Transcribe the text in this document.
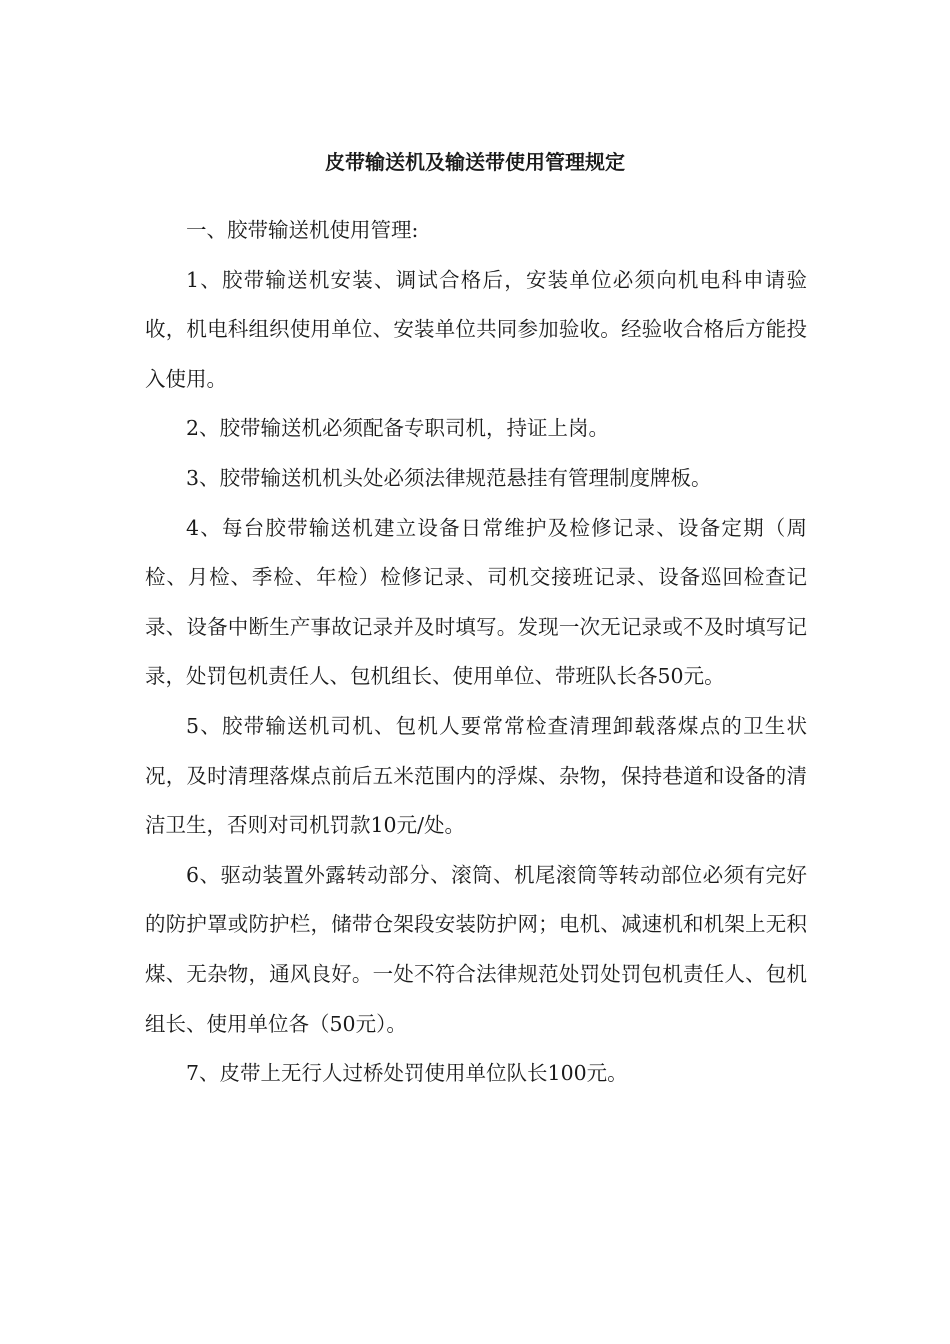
皮带输送机及输送带使用管理规定

一、胶带输送机使用管理:

1、胶带输送机安装、调试合格后，安装单位必须向机电科申请验收，机电科组织使用单位、安装单位共同参加验收。经验收合格后方能投入使用。

2、胶带输送机必须配备专职司机，持证上岗。

3、胶带输送机机头处必须法律规范悬挂有管理制度牌板。

4、每台胶带输送机建立设备日常维护及检修记录、设备定期（周检、月检、季检、年检）检修记录、司机交接班记录、设备巡回检查记录、设备中断生产事故记录并及时填写。发现一次无记录或不及时填写记录，处罚包机责任人、包机组长、使用单位、带班队长各50元。

5、胶带输送机司机、包机人要常常检查清理卸载落煤点的卫生状况，及时清理落煤点前后五米范围内的浮煤、杂物，保持巷道和设备的清洁卫生，否则对司机罚款10元/处。

6、驱动装置外露转动部分、滚筒、机尾滚筒等转动部位必须有完好的防护罩或防护栏，储带仓架段安装防护网；电机、减速机和机架上无积煤、无杂物，通风良好。一处不符合法律规范处罚处罚包机责任人、包机组长、使用单位各（50元）。

7、皮带上无行人过桥处罚使用单位队长100元。
